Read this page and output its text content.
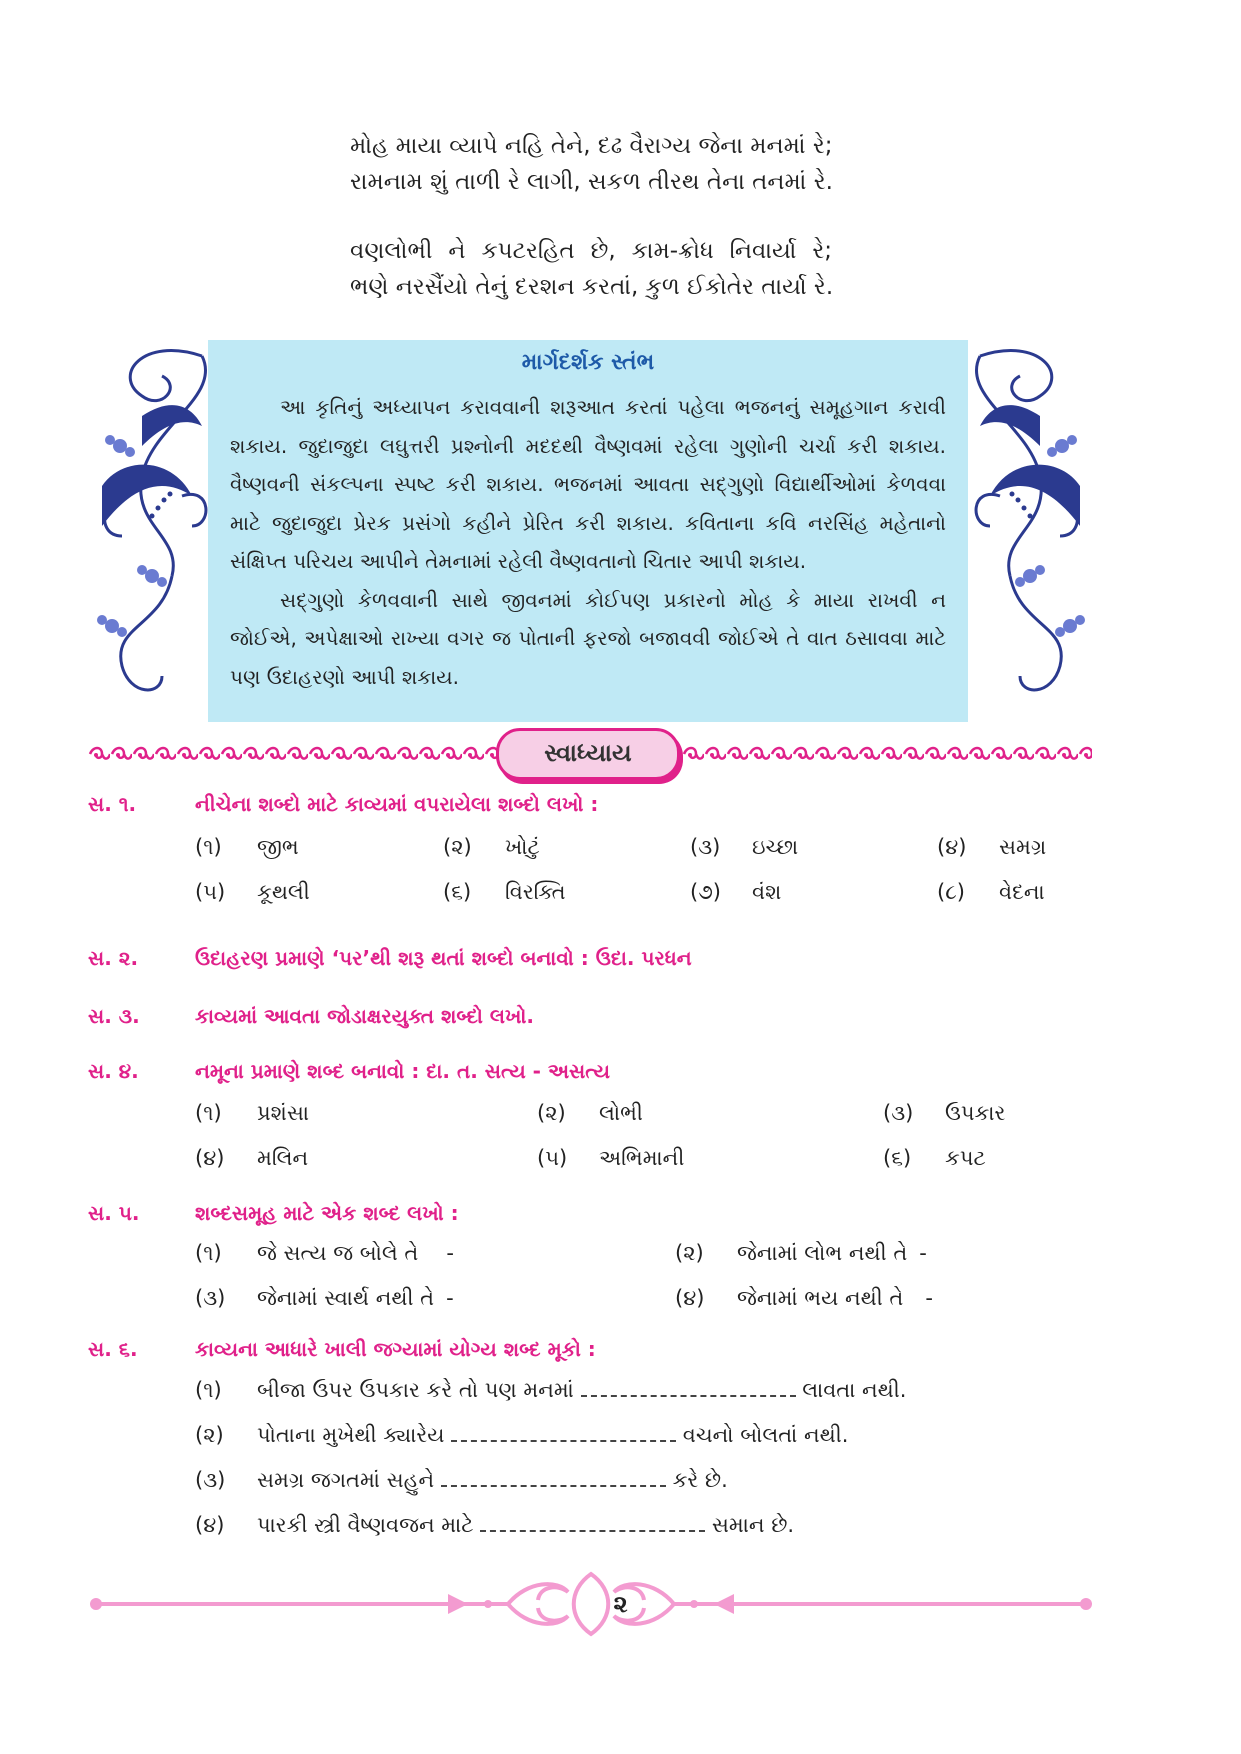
મોહ માયા વ્યાપે નહિ તેને, દઢ વૈરાગ્ય જેના મનમાં રે;
રામનામ શું તાળી રે લાગી, સકળ તીરથ તેના તનમાં રે.
વણલોભી ને કપટરહિત છે, કામ-ક્રોધ નિવાર્યા રે;
ભણે નરસૈંયો તેનું દરશન કરતાં, કુળ ઈકોતેર તાર્યા રે.
માર્ગદર્શક સ્તંભ

આ કૃતિનું અધ્યાપન કરાવવાની શરૂઆત કરતાં પહેલા ભજનનું સમૂહગાન કરાવી શકાય. જુદાજુદા લઘુત્તરી પ્રશ્નોની મદદથી વૈષ્ણવમાં રહેલા ગુણોની ચર્ચા કરી શકાય. વૈષ્ણવની સંકલ્પના સ્પષ્ટ કરી શકાય. ભજનમાં આવતા સદ્ગુણો વિદ્યાર્થીઓમાં કેળવવા માટે જુદાજુદા પ્રેરક પ્રસંગો કહીને પ્રેરિત કરી શકાય. કવિતાના કવિ નરસિંહ મહેતાનો સંક્ષિપ્ત પરિચય આપીને તેમનામાં રહેલી વૈષ્ણવતાનો ચિતાર આપી શકાય.

સદ્ગુણો કેળવવાની સાથે જીવનમાં કોઈપણ પ્રકારનો મોહ કે માયા રાખવી ન જોઈએ, અપેક્ષાઓ રાખ્યા વગર જ પોતાની ફરજો બજાવવી જોઈએ તે વાત ઠસાવવા માટે પણ ઉદાહરણો આપી શકાય.

સ્વાધ્યાય
સ. ૧.	નીચેના શબ્દો માટે કાવ્યમાં વપરાયેલા શબ્દો લખો :
(૧) જીભ	(૨) ખોટું	(૩) ઇચ્છા	(૪) સમગ્ર
(૫) કૂથલી	(૬) વિરક્તિ	(૭) વંશ	(૮) વેદના
સ. ૨.	ઉદાહરણ પ્રમાણે ‘પર’થી શરૂ થતાં શબ્દો બનાવો : ઉદા. પરધન
સ. ૩.	કાવ્યમાં આવતા જોડાક્ષરયુક્ત શબ્દો લખો.
સ. ૪.	નમૂના પ્રમાણે શબ્દ બનાવો : દા. ત. સત્ય - અસત્ય
(૧) પ્રશંસા	(૨) લોભી	(૩) ઉપકાર
(૪) મલિન	(૫) અભિમાની	(૬) કપટ
સ. ૫.	શબ્દસમૂહ માટે એક શબ્દ લખો :
(૧) જે સત્ય જ બોલે તે -	(૨) જેનામાં લોભ નથી તે -
(૩) જેનામાં સ્વાર્થ નથી તે -	(૪) જેનામાં ભય નથી તે -
સ. ૬.	કાવ્યના આધારે ખાલી જગ્યામાં યોગ્ય શબ્દ મૂકો :
(૧) બીજા ઉપર ઉપકાર કરે તો પણ મનમાં	લાવતા નથી.
(૨) પોતાના મુખેથી ક્યારેય	વચનો બોલતાં નથી.
(૩) સમગ્ર જગતમાં સહુને	કરે છે.
(૪) પારકી સ્ત્રી વૈષ્ણવજન માટે	સમાન છે.
૨
